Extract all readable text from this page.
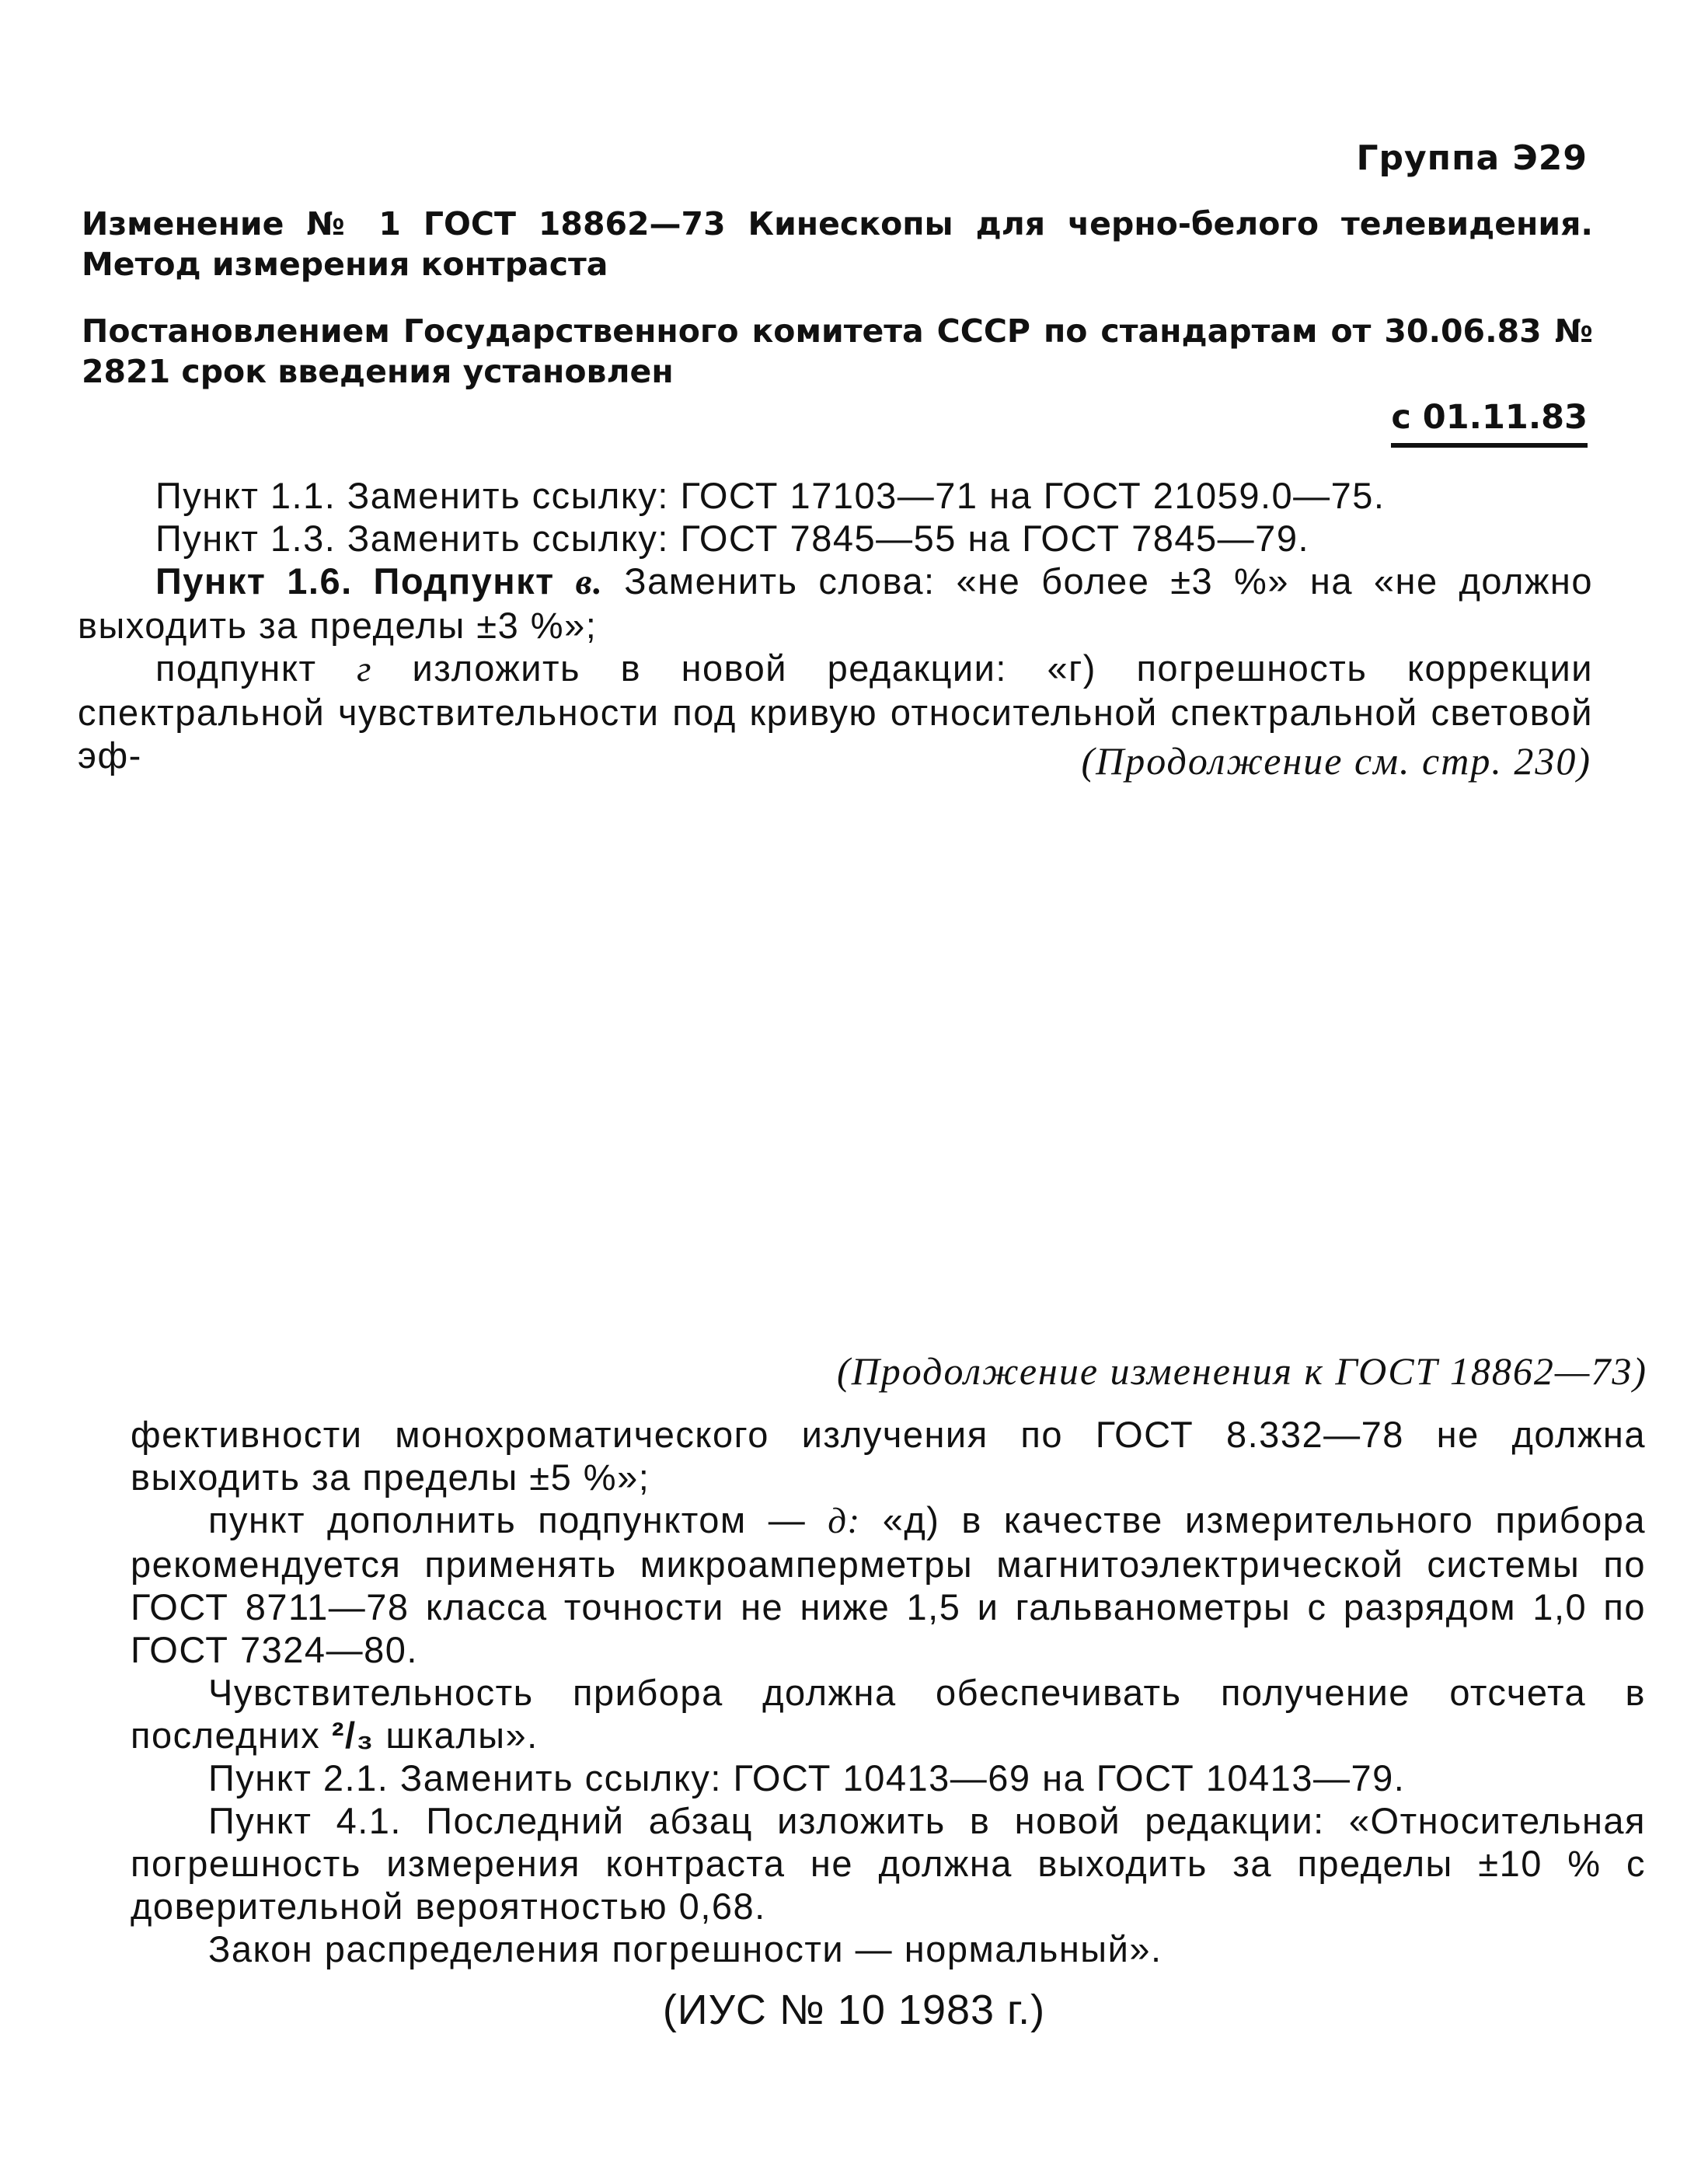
Группа Э29
Изменение № 1 ГОСТ 18862—73 Кинескопы для черно-белого телевидения. Метод измерения контраста
Постановлением Государственного комитета СССР по стандартам от 30.06.83 № 2821 срок введения установлен
с 01.11.83

Пункт 1.1. Заменить ссылку: ГОСТ 17103—71 на ГОСТ 21059.0—75.

Пункт 1.3. Заменить ссылку: ГОСТ 7845—55 на ГОСТ 7845—79.

Пункт 1.6. Подпункт в. Заменить слова: «не более ±3 %» на «не должно выходить за пределы ±3 %»;

подпункт г изложить в новой редакции: «г) погрешность коррекции спектральной чувствительности под кривую относительной спектральной световой эф-	(Продолжение см. стр. 230)
(Продолжение изменения к ГОСТ 18862—73)

фективности монохроматического излучения по ГОСТ 8.332—78 не должна выходить за пределы ±5 %»;

пункт дополнить подпунктом — д: «д) в качестве измерительного прибора рекомендуется применять микроамперметры магнитоэлектрической системы по ГОСТ 8711—78 класса точности не ниже 1,5 и гальванометры с разрядом 1,0 по ГОСТ 7324—80.

Чувствительность прибора должна обеспечивать получение отсчета в последних ²/₃ шкалы».

Пункт 2.1. Заменить ссылку: ГОСТ 10413—69 на ГОСТ 10413—79.

Пункт 4.1. Последний абзац изложить в новой редакции: «Относительная погрешность измерения контраста не должна выходить за пределы ±10 % с доверительной вероятностью 0,68.

Закон распределения погрешности — нормальный».

(ИУС № 10 1983 г.)
